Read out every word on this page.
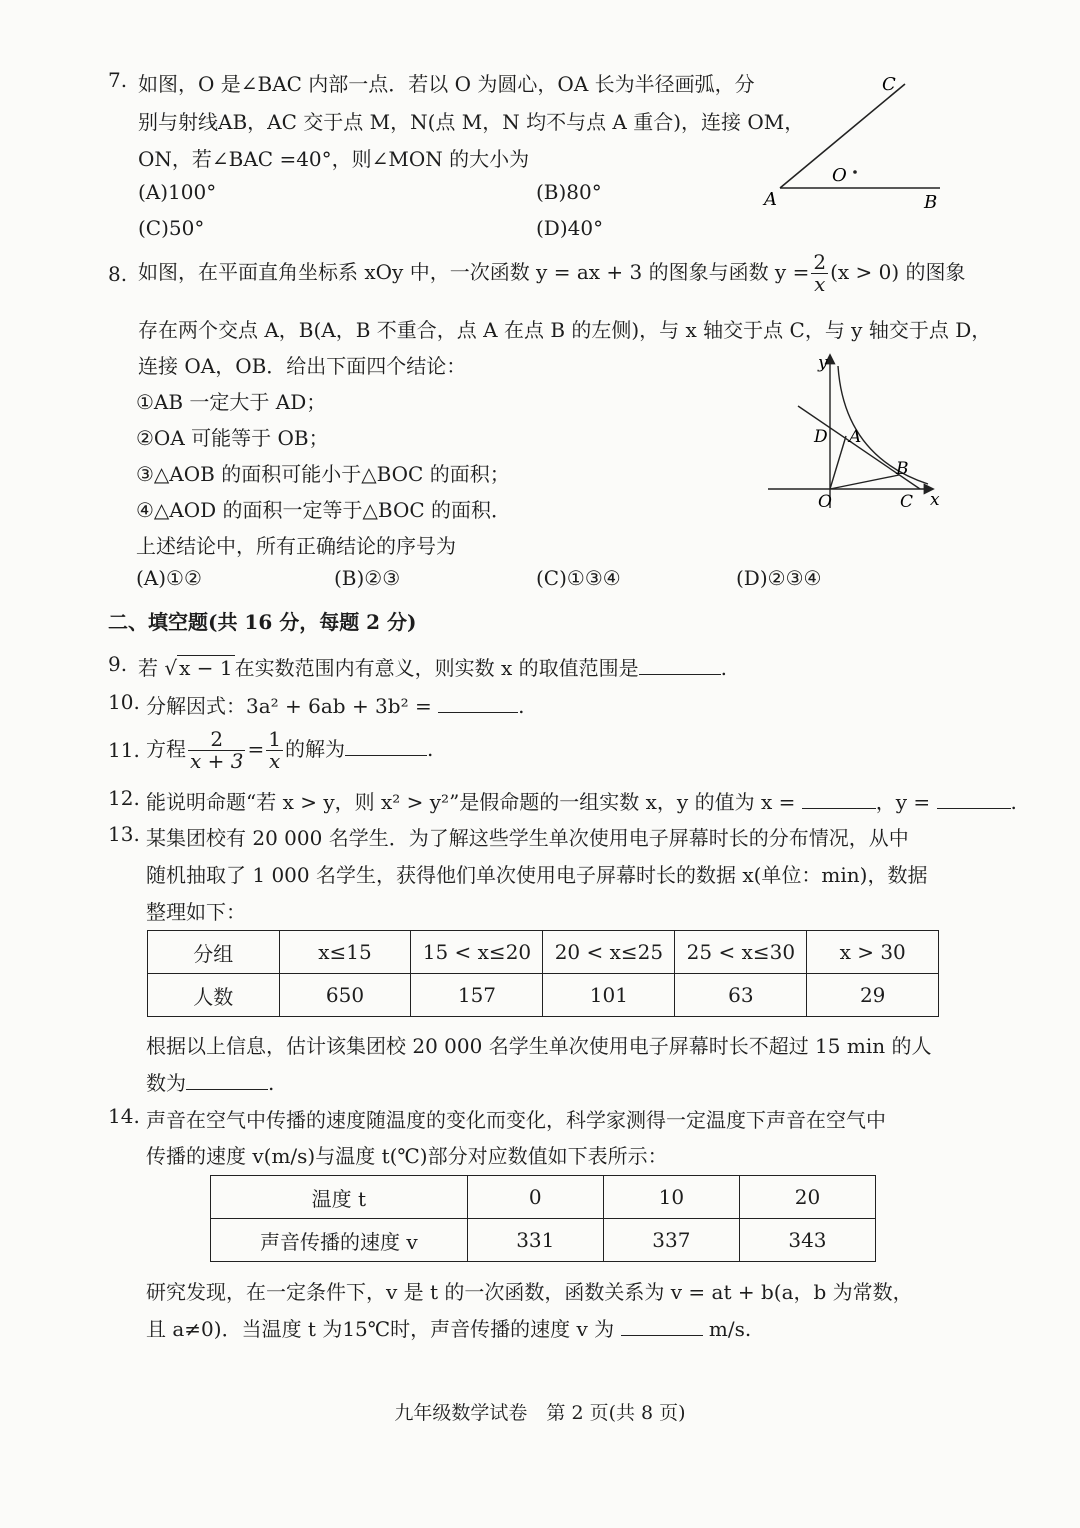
7. 如图，O 是∠BAC 内部一点．若以 O 为圆心，OA 长为半径画弧，分
别与射线AB，AC 交于点 M，N(点 M，N 均不与点 A 重合)，连接 OM，
ON，若∠BAC =40°，则∠MON 的大小为
(A)100°	(B)80°
(C)50°	(D)40°
C
A	B
O
8. 如图，在平面直角坐标系 xOy 中，一次函数 y = ax + 3 的图象与函数 $y = \frac{2}{x} (x > 0)$ 的图象
存在两个交点 A，B(A，B 不重合，点 A 在点 B 的左侧)，与 x 轴交于点 C，与 y 轴交于点 D，
连接 OA，OB．给出下面四个结论：
①AB 一定大于 AD；
②OA 可能等于 OB；
③△AOB 的面积可能小于△BOC 的面积；
④△AOD 的面积一定等于△BOC 的面积．
上述结论中，所有正确结论的序号为
(A)①②	(B)②③	(C)①③④	(D)②③④
y
x
D A
B
O	C
二、填空题(共 16 分，每题 2 分)
9. 若 √ x − 1 在实数范围内有意义，则实数 x 的取值范围是	.
10. 分解因式：3a² + 6ab + 3b² =	.
11. 方程 $\frac{2}{x + 3} = \frac{1}{x}$ 的解为	.
12. 能说明命题“若 x > y，则 x² > y²”是假命题的一组实数 x，y 的值为 x =	，y =	.
13. 某集团校有 20 000 名学生．为了解这些学生单次使用电子屏幕时长的分布情况，从中
随机抽取了 1 000 名学生，获得他们单次使用电子屏幕时长的数据 x(单位：min)，数据
整理如下：
分组	x≤15	15 < x≤20	20 < x≤25	25 < x≤30	x > 30
人数	650	157	101	63	29
根据以上信息，估计该集团校 20 000 名学生单次使用电子屏幕时长不超过 15 min 的人
数为	.
14. 声音在空气中传播的速度随温度的变化而变化，科学家测得一定温度下声音在空气中
传播的速度 v(m/s)与温度 t(℃)部分对应数值如下表所示：
温度 t	0	10	20
声音传播的速度 v	331	337	343
研究发现，在一定条件下，v 是 t 的一次函数，函数关系为 v = at + b(a，b 为常数，
且 a≠0)．当温度 t 为15℃时，声音传播的速度 v 为	m/s.
九年级数学试卷　第 2 页(共 8 页)
